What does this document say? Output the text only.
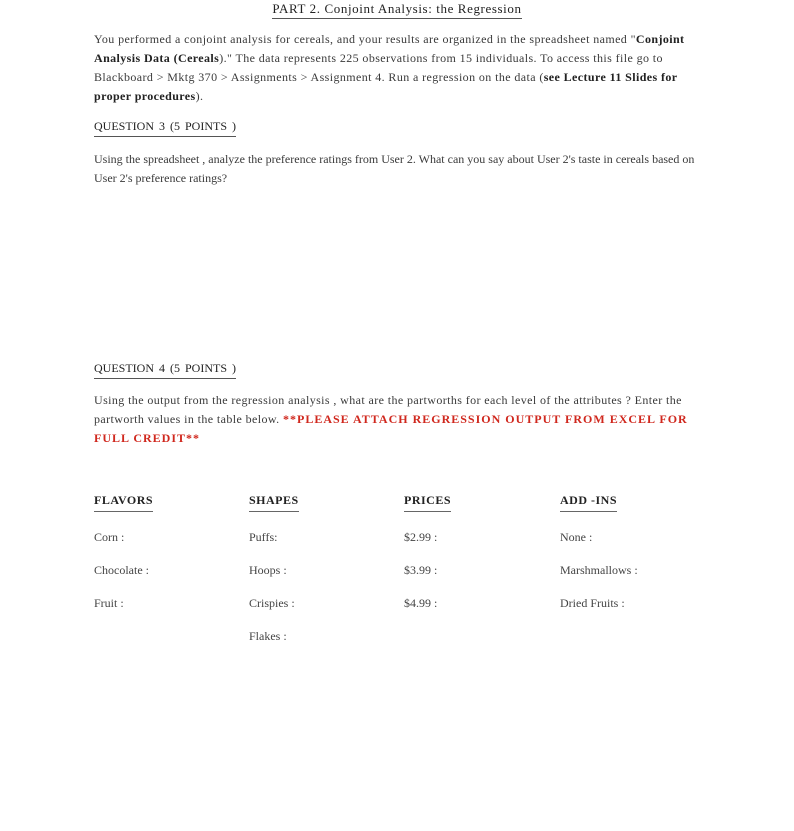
PART 2. Conjoint Analysis: the Regression

You performed a conjoint analysis for cereals, and your results are organized in the spreadsheet named "Conjoint Analysis Data (Cereals)." The data represents 225 observations from 15 individuals. To access this file go to Blackboard > Mktg 370 > Assignments > Assignment 4. Run a regression on the data (see Lecture 11 Slides for proper procedures).

QUESTION 3 (5 POINTS )

Using the spreadsheet , analyze the preference ratings from User 2. What can you say about User 2's taste in cereals based on User 2's preference ratings?

QUESTION 4 (5 POINTS )

Using the output from the regression analysis , what are the partworths for each level of the attributes ? Enter the partworth values in the table below. **PLEASE ATTACH REGRESSION OUTPUT FROM EXCEL FOR FULL CREDIT**

FLAVORS
Corn :
Chocolate :
Fruit :
SHAPES
Puffs:
Hoops :
Crispies :
Flakes :
PRICES
$2.99 :
$3.99 :
$4.99 :
ADD -INS
None :
Marshmallows :
Dried Fruits :
